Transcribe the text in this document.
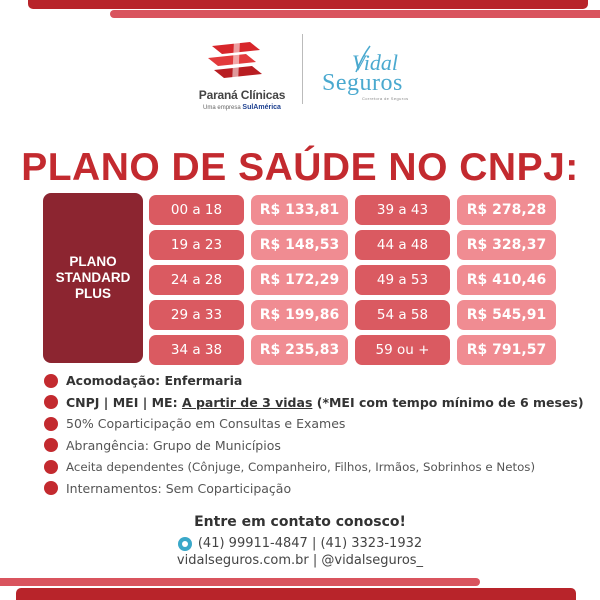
Paraná Clínicas
Uma empresa SulAmérica
Vidal
Seguros
Corretora de Seguros
PLANO DE SAÚDE NO CNPJ:
PLANO
STANDARD
PLUS
00 a 18	R$ 133,81
19 a 23	R$ 148,53
24 a 28	R$ 172,29
29 a 33	R$ 199,86
34 a 38	R$ 235,83
39 a 43	R$ 278,28
44 a 48	R$ 328,37
49 a 53	R$ 410,46
54 a 58	R$ 545,91
59 ou +	R$ 791,57
Acomodação: Enfermaria
CNPJ | MEI | ME: A partir de 3 vidas (*MEI com tempo mínimo de 6 meses)
50% Coparticipação em Consultas e Exames
Abrangência: Grupo de Municípios
Aceita dependentes (Cônjuge, Companheiro, Filhos, Irmãos, Sobrinhos e Netos)
Internamentos: Sem Coparticipação
Entre em contato conosco!
(41) 99911-4847 | (41) 3323-1932
vidalseguros.com.br | @vidalseguros_
